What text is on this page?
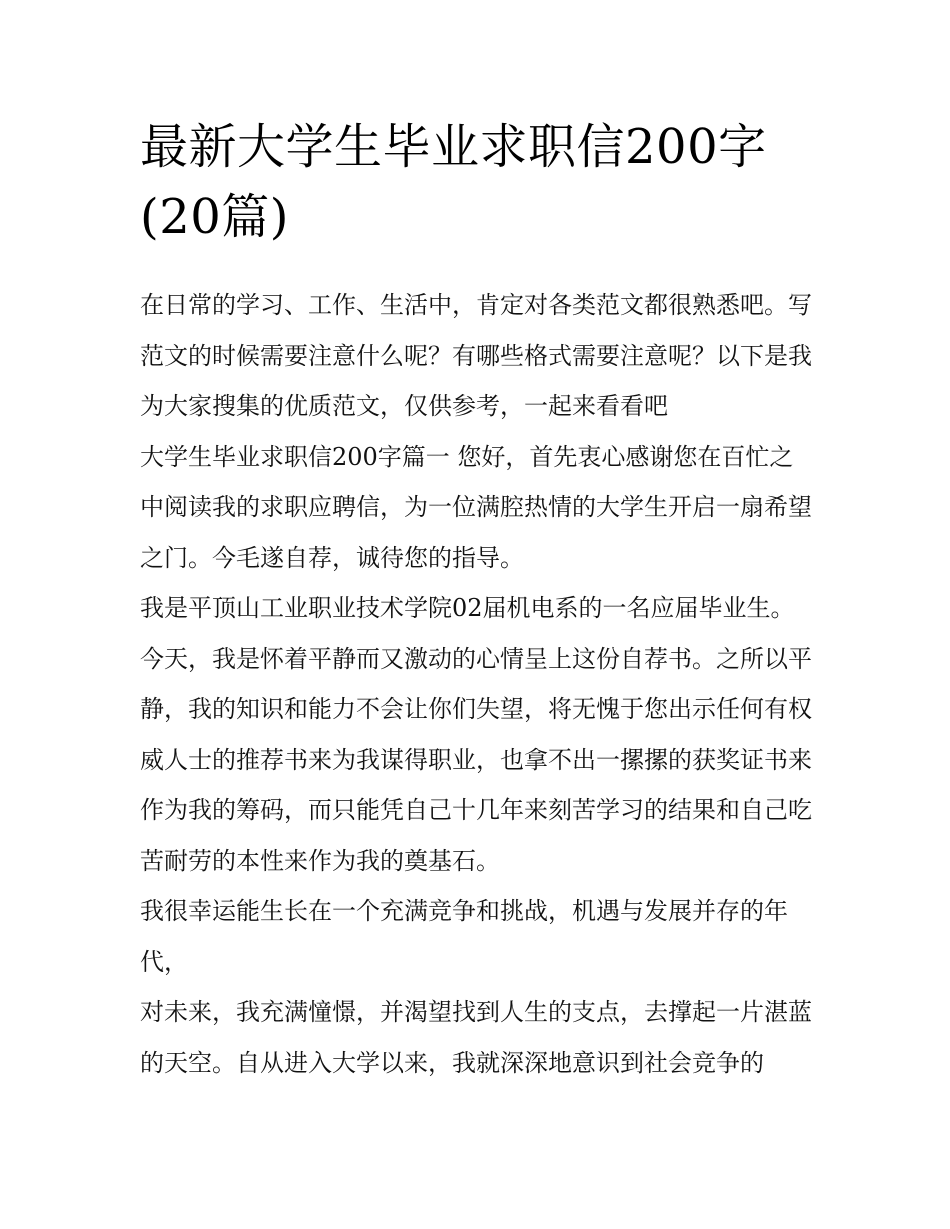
最新大学生毕业求职信200字(20篇)

在日常的学习、工作、生活中，肯定对各类范文都很熟悉吧。写范文的时候需要注意什么呢？有哪些格式需要注意呢？以下是我为大家搜集的优质范文，仅供参考，一起来看看吧

大学生毕业求职信200字篇一 您好，首先衷心感谢您在百忙之中阅读我的求职应聘信，为一位满腔热情的大学生开启一扇希望之门。今毛遂自荐，诚待您的指导。

我是平顶山工业职业技术学院02届机电系的一名应届毕业生。今天，我是怀着平静而又激动的心情呈上这份自荐书。之所以平静，我的知识和能力不会让你们失望，将无愧于您出示任何有权威人士的推荐书来为我谋得职业，也拿不出一摞摞的获奖证书来作为我的筹码，而只能凭自己十几年来刻苦学习的结果和自己吃苦耐劳的本性来作为我的奠基石。

我很幸运能生长在一个充满竞争和挑战，机遇与发展并存的年代，

对未来，我充满憧憬，并渴望找到人生的支点，去撑起一片湛蓝的天空。自从进入大学以来，我就深深地意识到社会竞争的
